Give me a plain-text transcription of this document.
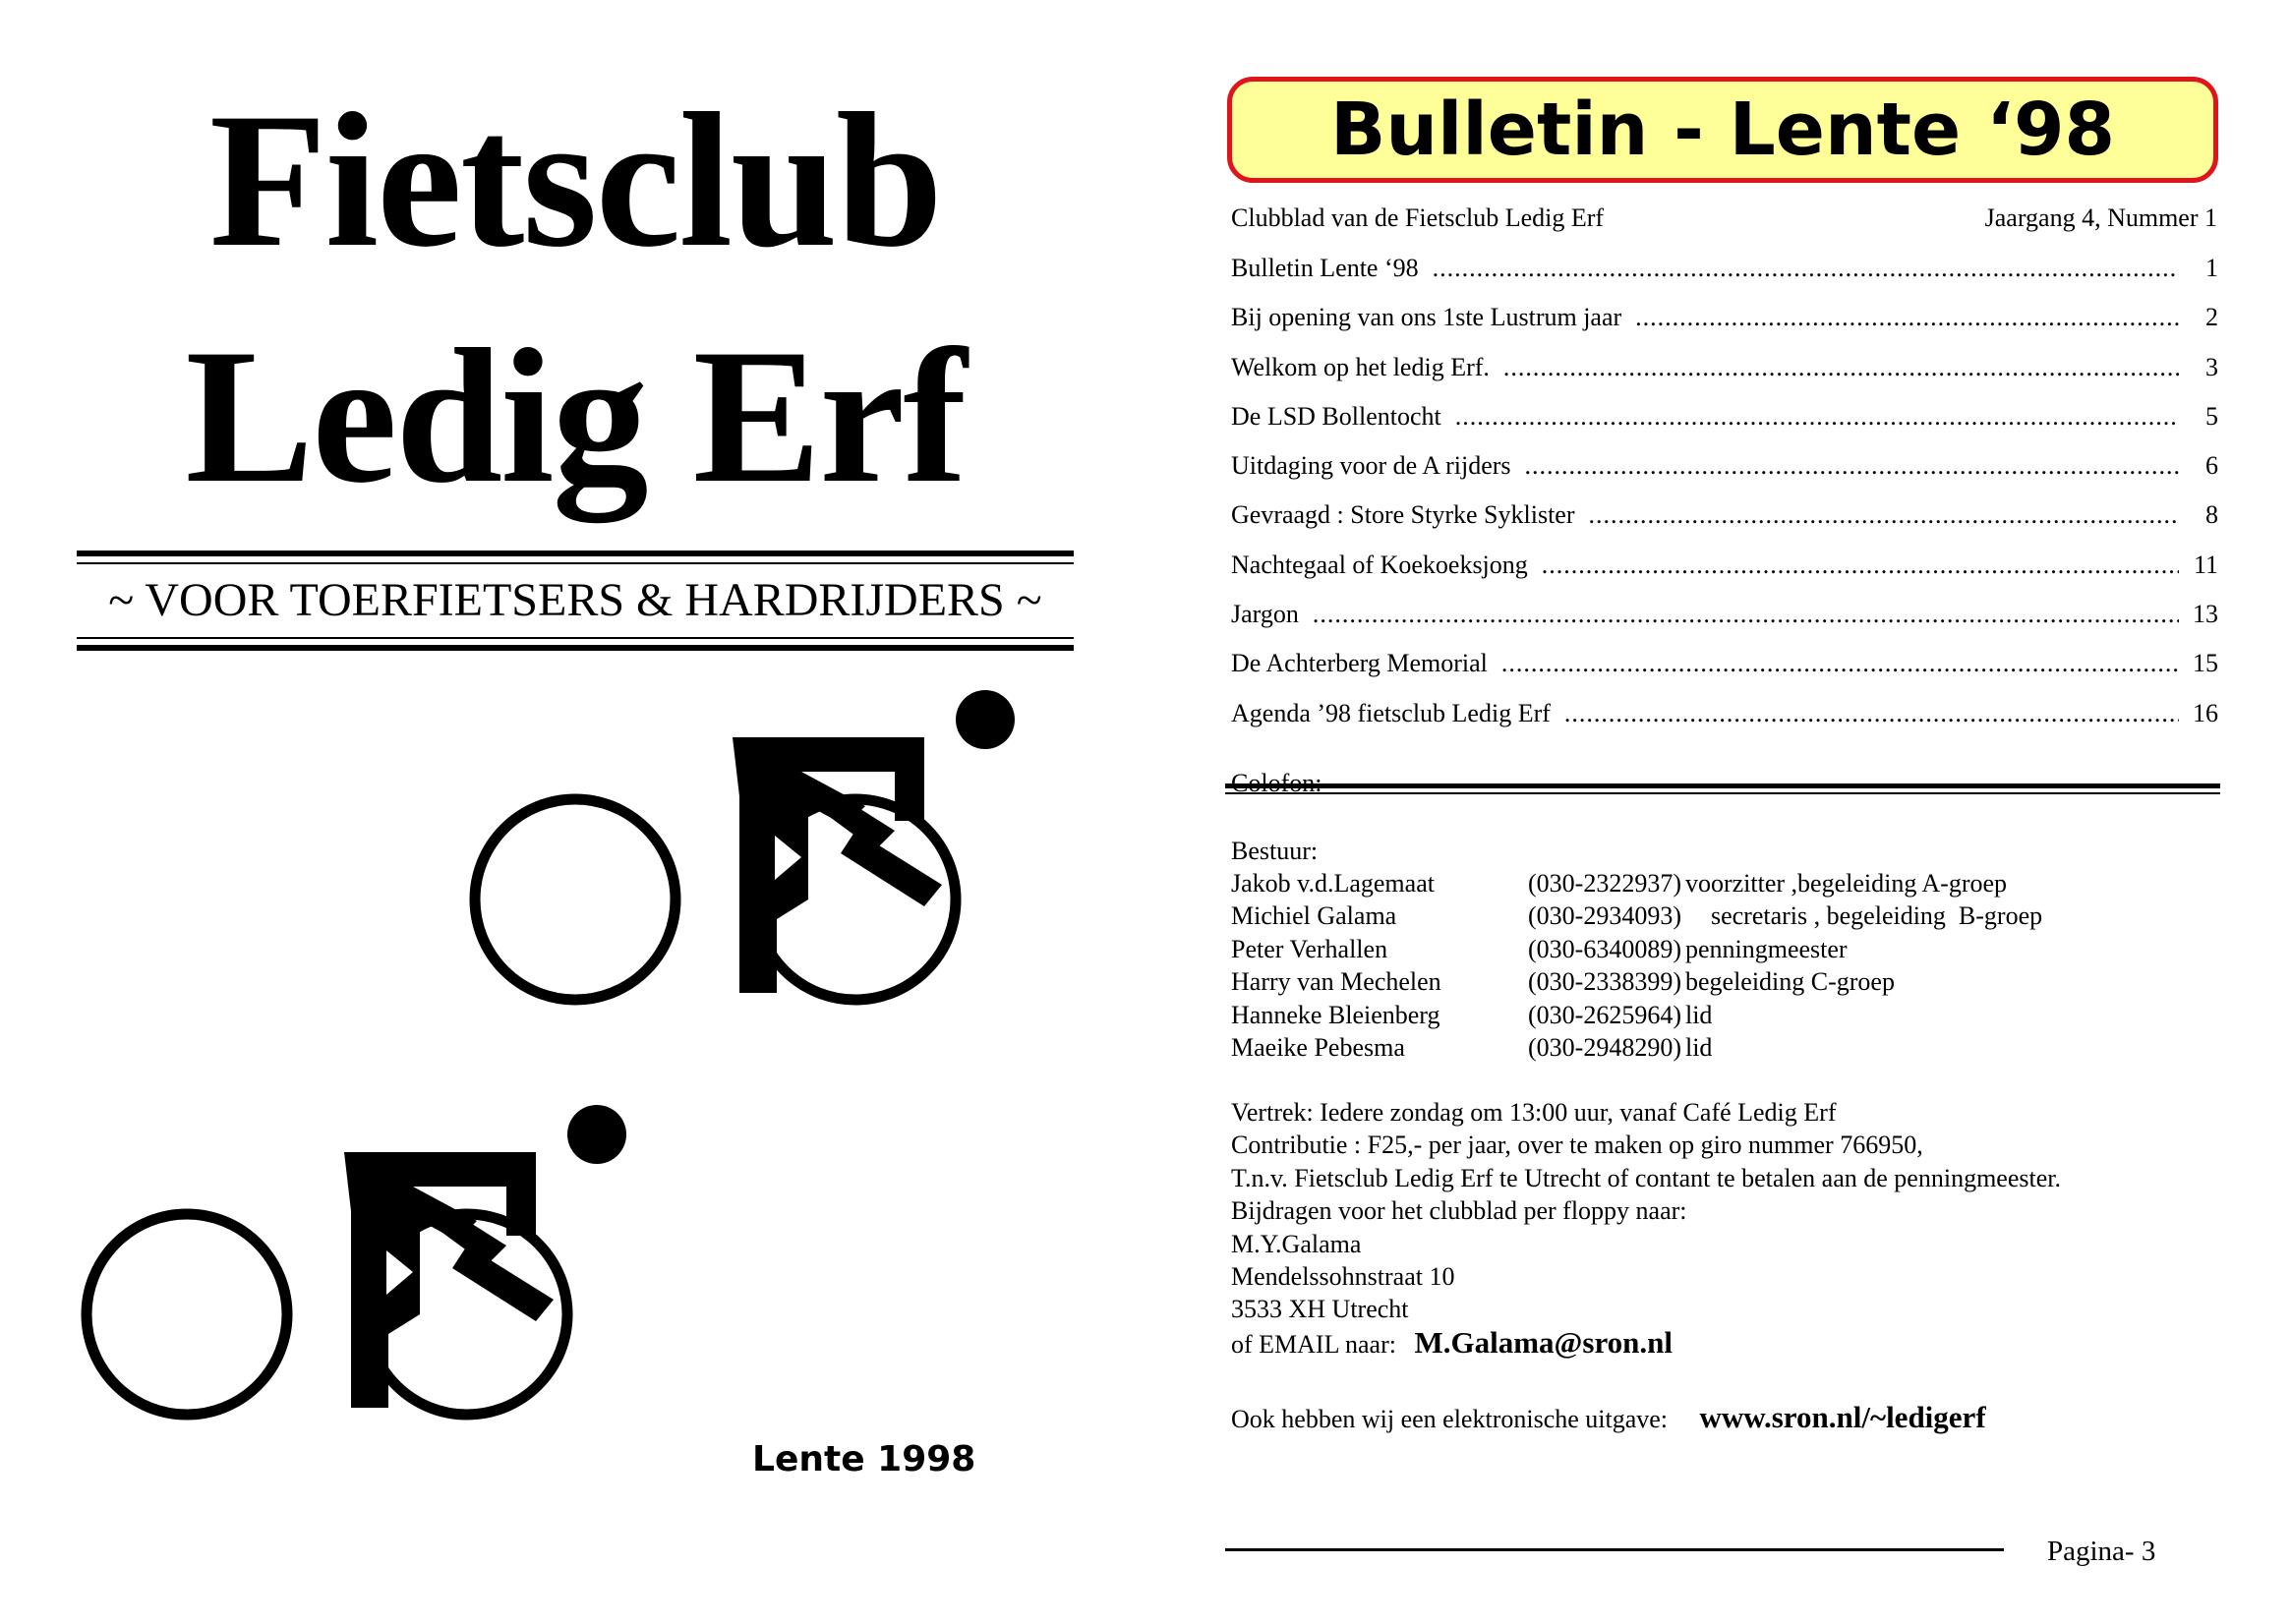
Fietsclub
Ledig Erf
~ VOOR TOERFIETSERS & HARDRIJDERS ~
Lente 1998
Bulletin - Lente ‘98
Clubblad van de Fietsclub Ledig Erf	Jaargang 4, Nummer 1
Bulletin Lente ‘98 .....	1
Bij opening van ons 1ste Lustrum jaar .....	2
Welkom op het ledig Erf. .....	3
De LSD Bollentocht .....	5
Uitdaging voor de A rijders .....	6
Gevraagd : Store Styrke Syklister .....	8
Nachtegaal of Koekoeksjong .....	11
Jargon .....	13
De Achterberg Memorial .....	15
Agenda ’98 fietsclub Ledig Erf .....	16
Bestuur:
Jakob v.d.Lagemaat	(030-2322937) voorzitter ,begeleiding A-groep
Michiel Galama	(030-2934093) secretaris , begeleiding  B-groep
Peter Verhallen	(030-6340089) penningmeester
Harry van Mechelen	(030-2338399) begeleiding C-groep
Hanneke Bleienberg	(030-2625964) lid
Maeike Pebesma	(030-2948290) lid
Vertrek: Iedere zondag om 13:00 uur, vanaf Café Ledig Erf
Contributie : F25,- per jaar, over te maken op giro nummer 766950,
T.n.v. Fietsclub Ledig Erf te Utrecht of contant te betalen aan de penningmeester.
Bijdragen voor het clubblad per floppy naar:
M.Y.Galama
Mendelssohnstraat 10
3533 XH Utrecht
of EMAIL naar: M.Galama@sron.nl
Ook hebben wij een elektronische uitgave: www.sron.nl/~ledigerf
Pagina- 3
